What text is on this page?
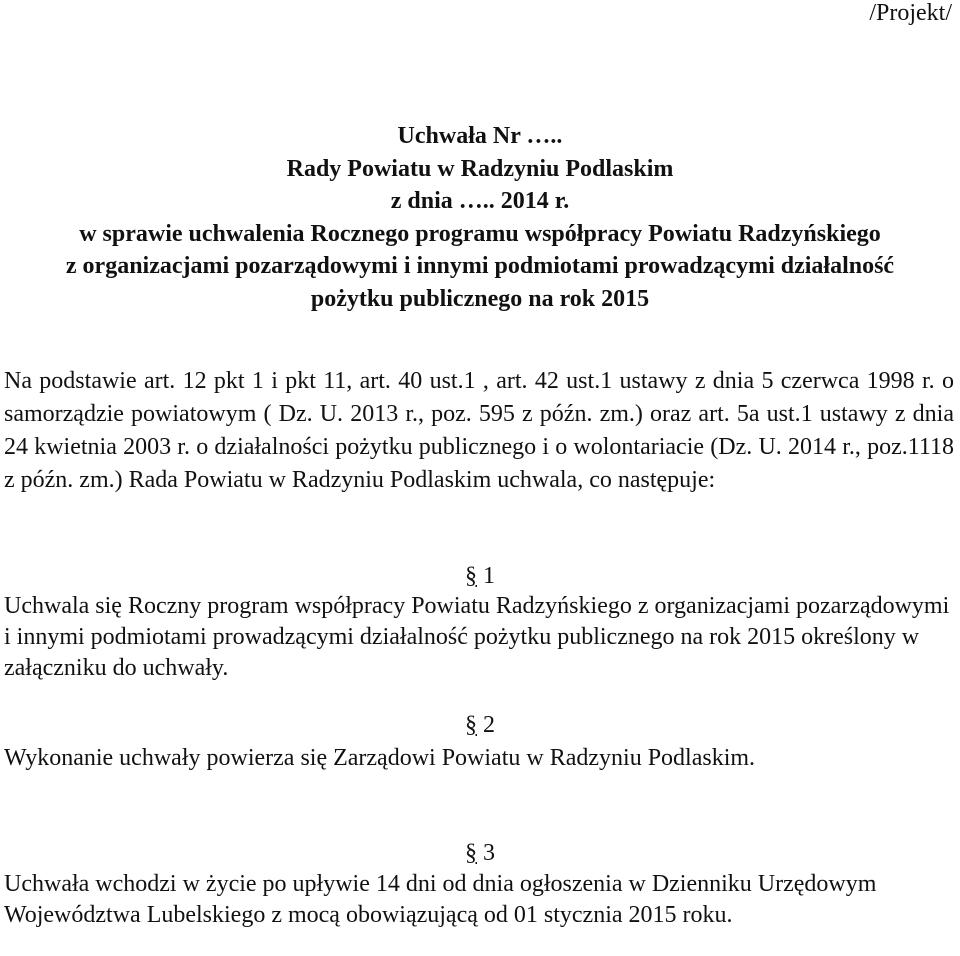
/Projekt/
Uchwała Nr …..
Rady Powiatu w Radzyniu Podlaskim
z dnia ….. 2014 r.
w sprawie uchwalenia Rocznego programu współpracy Powiatu Radzyńskiego
z organizacjami pozarządowymi i innymi podmiotami prowadzącymi działalność
pożytku publicznego na rok 2015
Na podstawie art. 12 pkt 1 i pkt 11, art. 40 ust.1 , art. 42 ust.1 ustawy z dnia 5 czerwca 1998 r. o samorządzie powiatowym ( Dz. U. 2013 r., poz. 595 z późn. zm.) oraz art. 5a ust.1 ustawy z dnia 24 kwietnia 2003 r. o działalności pożytku publicznego i o wolontariacie (Dz. U. 2014 r., poz.1118 z późn. zm.) Rada Powiatu w Radzyniu Podlaskim uchwala, co następuje:
§ 1
Uchwala się Roczny program współpracy Powiatu Radzyńskiego z organizacjami pozarządowymi i innymi podmiotami prowadzącymi działalność pożytku publicznego na rok 2015 określony w załączniku do uchwały.
§ 2
Wykonanie uchwały powierza się Zarządowi Powiatu w Radzyniu Podlaskim.
§ 3
Uchwała wchodzi w życie po upływie 14 dni od dnia ogłoszenia w Dzienniku Urzędowym Województwa Lubelskiego z mocą obowiązującą od 01 stycznia 2015 roku.
